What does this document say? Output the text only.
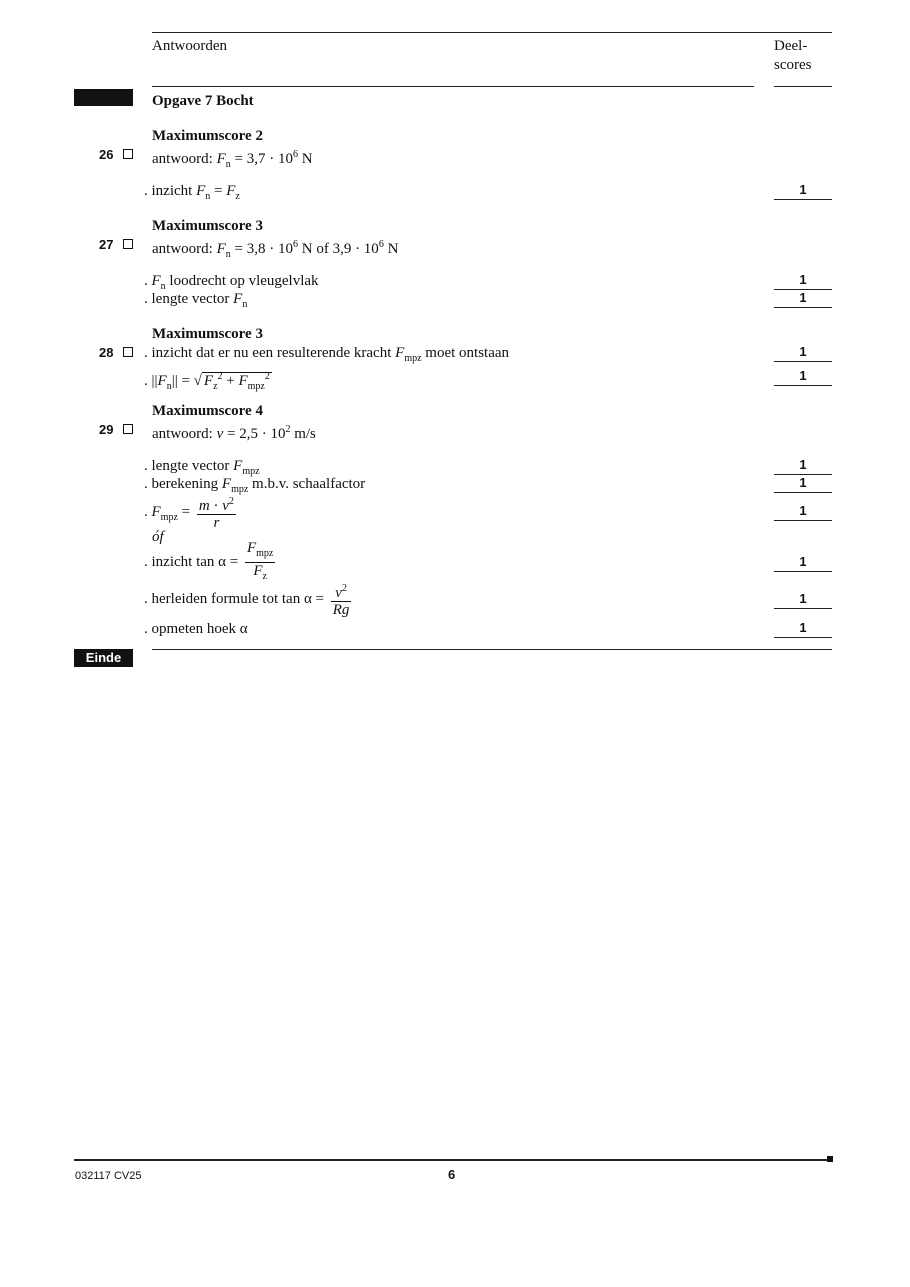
Antwoorden	Deel-
scores
Opgave 7 Bocht
Maximumscore 2
26	antwoord: $F_n = 3,7 \cdot 10^6$ N
. inzicht $F_n = F_z$	1
Maximumscore 3
27	antwoord: $F_n = 3,8 \cdot 10^6$ N of $3,9 \cdot 10^6$ N
. $F_n$ loodrecht op vleugelvlak	1
. lengte vector $F_n$	1
Maximumscore 3
28	. inzicht dat er nu een resulterende kracht $F_{mpz}$ moet ontstaan	1
. $||F_n||$ = √ $F_z^2 + F_{mpz}^2$	1
Maximumscore 4
29	antwoord: $v = 2,5 \cdot 10^2$ m/s
. lengte vector $F_{mpz}$	1
. berekening $F_{mpz}$ m.b.v. schaalfactor	1
. $F_{mpz} = \frac{m \cdot v^2}{r}$	1
óf
. inzicht $\tan \alpha = \frac{F_{mpz}}{F_z}$	1
. herleiden formule tot $\tan \alpha = \frac{v^2}{Rg}$	1
. opmeten hoek α	1
Einde
032117 CV25	6
